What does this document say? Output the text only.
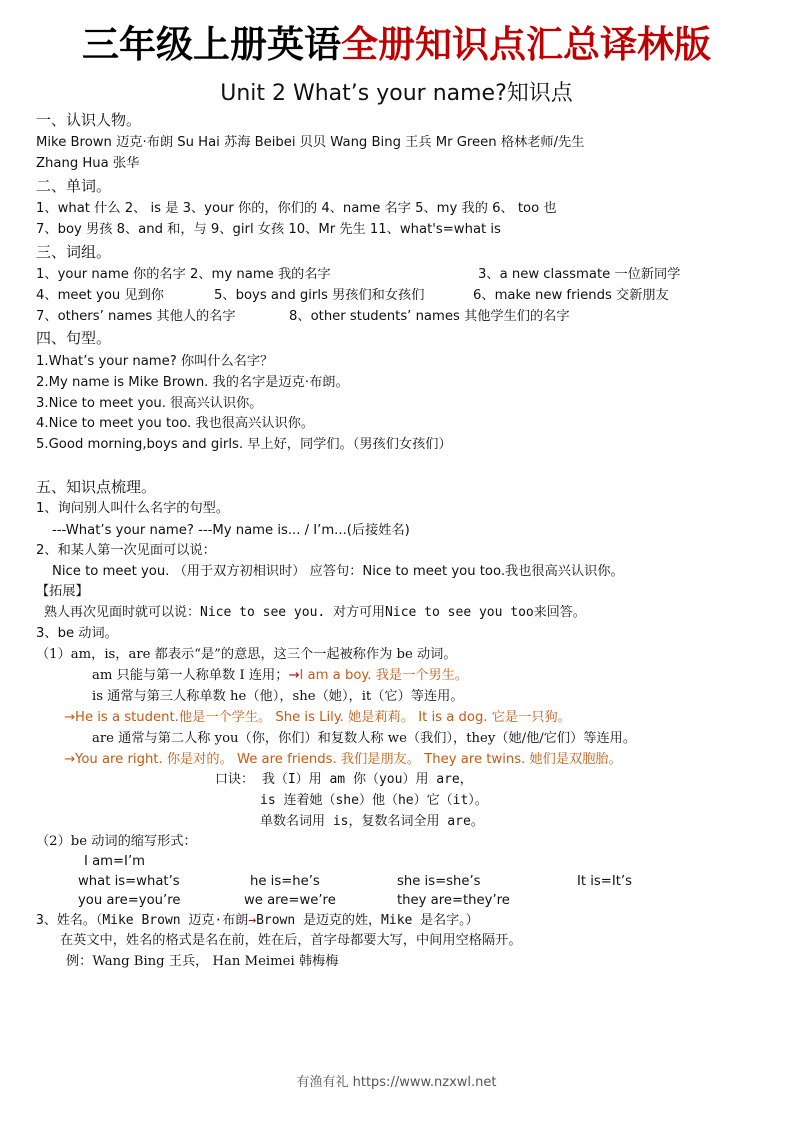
三年级上册英语全册知识点汇总译林版
Unit 2 What’s your name?知识点
一、认识人物。
Mike Brown 迈克·布朗 Su Hai 苏海 Beibei 贝贝 Wang Bing 王兵 Mr Green 格林老师/先生
Zhang Hua 张华
二、单词。
1、what 什么 2、 is 是 3、your 你的，你们的 4、name 名字 5、my 我的 6、 too 也
7、boy 男孩 8、and 和，与 9、girl 女孩 10、Mr 先生 11、what's=what is
三、词组。
1、your name 你的名字 2、my name 我的名字	3、a new classmate 一位新同学
4、meet you 见到你	5、boys and girls 男孩们和女孩们	6、make new friends 交新朋友
7、others’ names 其他人的名字	8、other students’ names 其他学生们的名字
四、句型。
1.What’s your name? 你叫什么名字？
2.My name is Mike Brown. 我的名字是迈克·布朗。
3.Nice to meet you. 很高兴认识你。
4.Nice to meet you too. 我也很高兴认识你。
5.Good morning,boys and girls. 早上好，同学们。（男孩们女孩们）
五、知识点梳理。
1、询问别人叫什么名字的句型。
---What’s your name? ---My name is... / I’m...(后接姓名)
2、和某人第一次见面可以说：
Nice to meet you. （用于双方初相识时） 应答句：Nice to meet you too.我也很高兴认识你。
【拓展】
熟人再次见面时就可以说：Nice to see you. 对方可用Nice to see you too来回答。
3、be 动词。
（1）am，is，are 都表示“是”的意思，这三个一起被称作为 be 动词。
am 只能与第一人称单数 I 连用；→I am a boy. 我是一个男生。
is 通常与第三人称单数 he（他），she（她），it（它）等连用。
→He is a student.他是一个学生。 She is Lily. 她是莉莉。 It is a dog. 它是一只狗。
are 通常与第二人称 you（你，你们）和复数人称 we（我们），they（她/他/它们）等连用。
→You are right. 你是对的。 We are friends. 我们是朋友。 They are twins. 她们是双胞胎。
口诀： 我（I）用 am 你（you）用 are，
is 连着她（she）他（he）它（it）。
单数名词用 is，复数名词全用 are。
（2）be 动词的缩写形式：
I am=I’m
what is=what’s	he is=he’s	she is=she’s	It is=It’s
you are=you’re	we are=we’re	they are=they’re
3、姓名。（Mike Brown 迈克·布朗→Brown 是迈克的姓，Mike 是名字。）
在英文中，姓名的格式是名在前，姓在后，首字母都要大写，中间用空格隔开。
例：Wang Bing 王兵， Han Meimei 韩梅梅
有渔有礼 https://www.nzxwl.net
